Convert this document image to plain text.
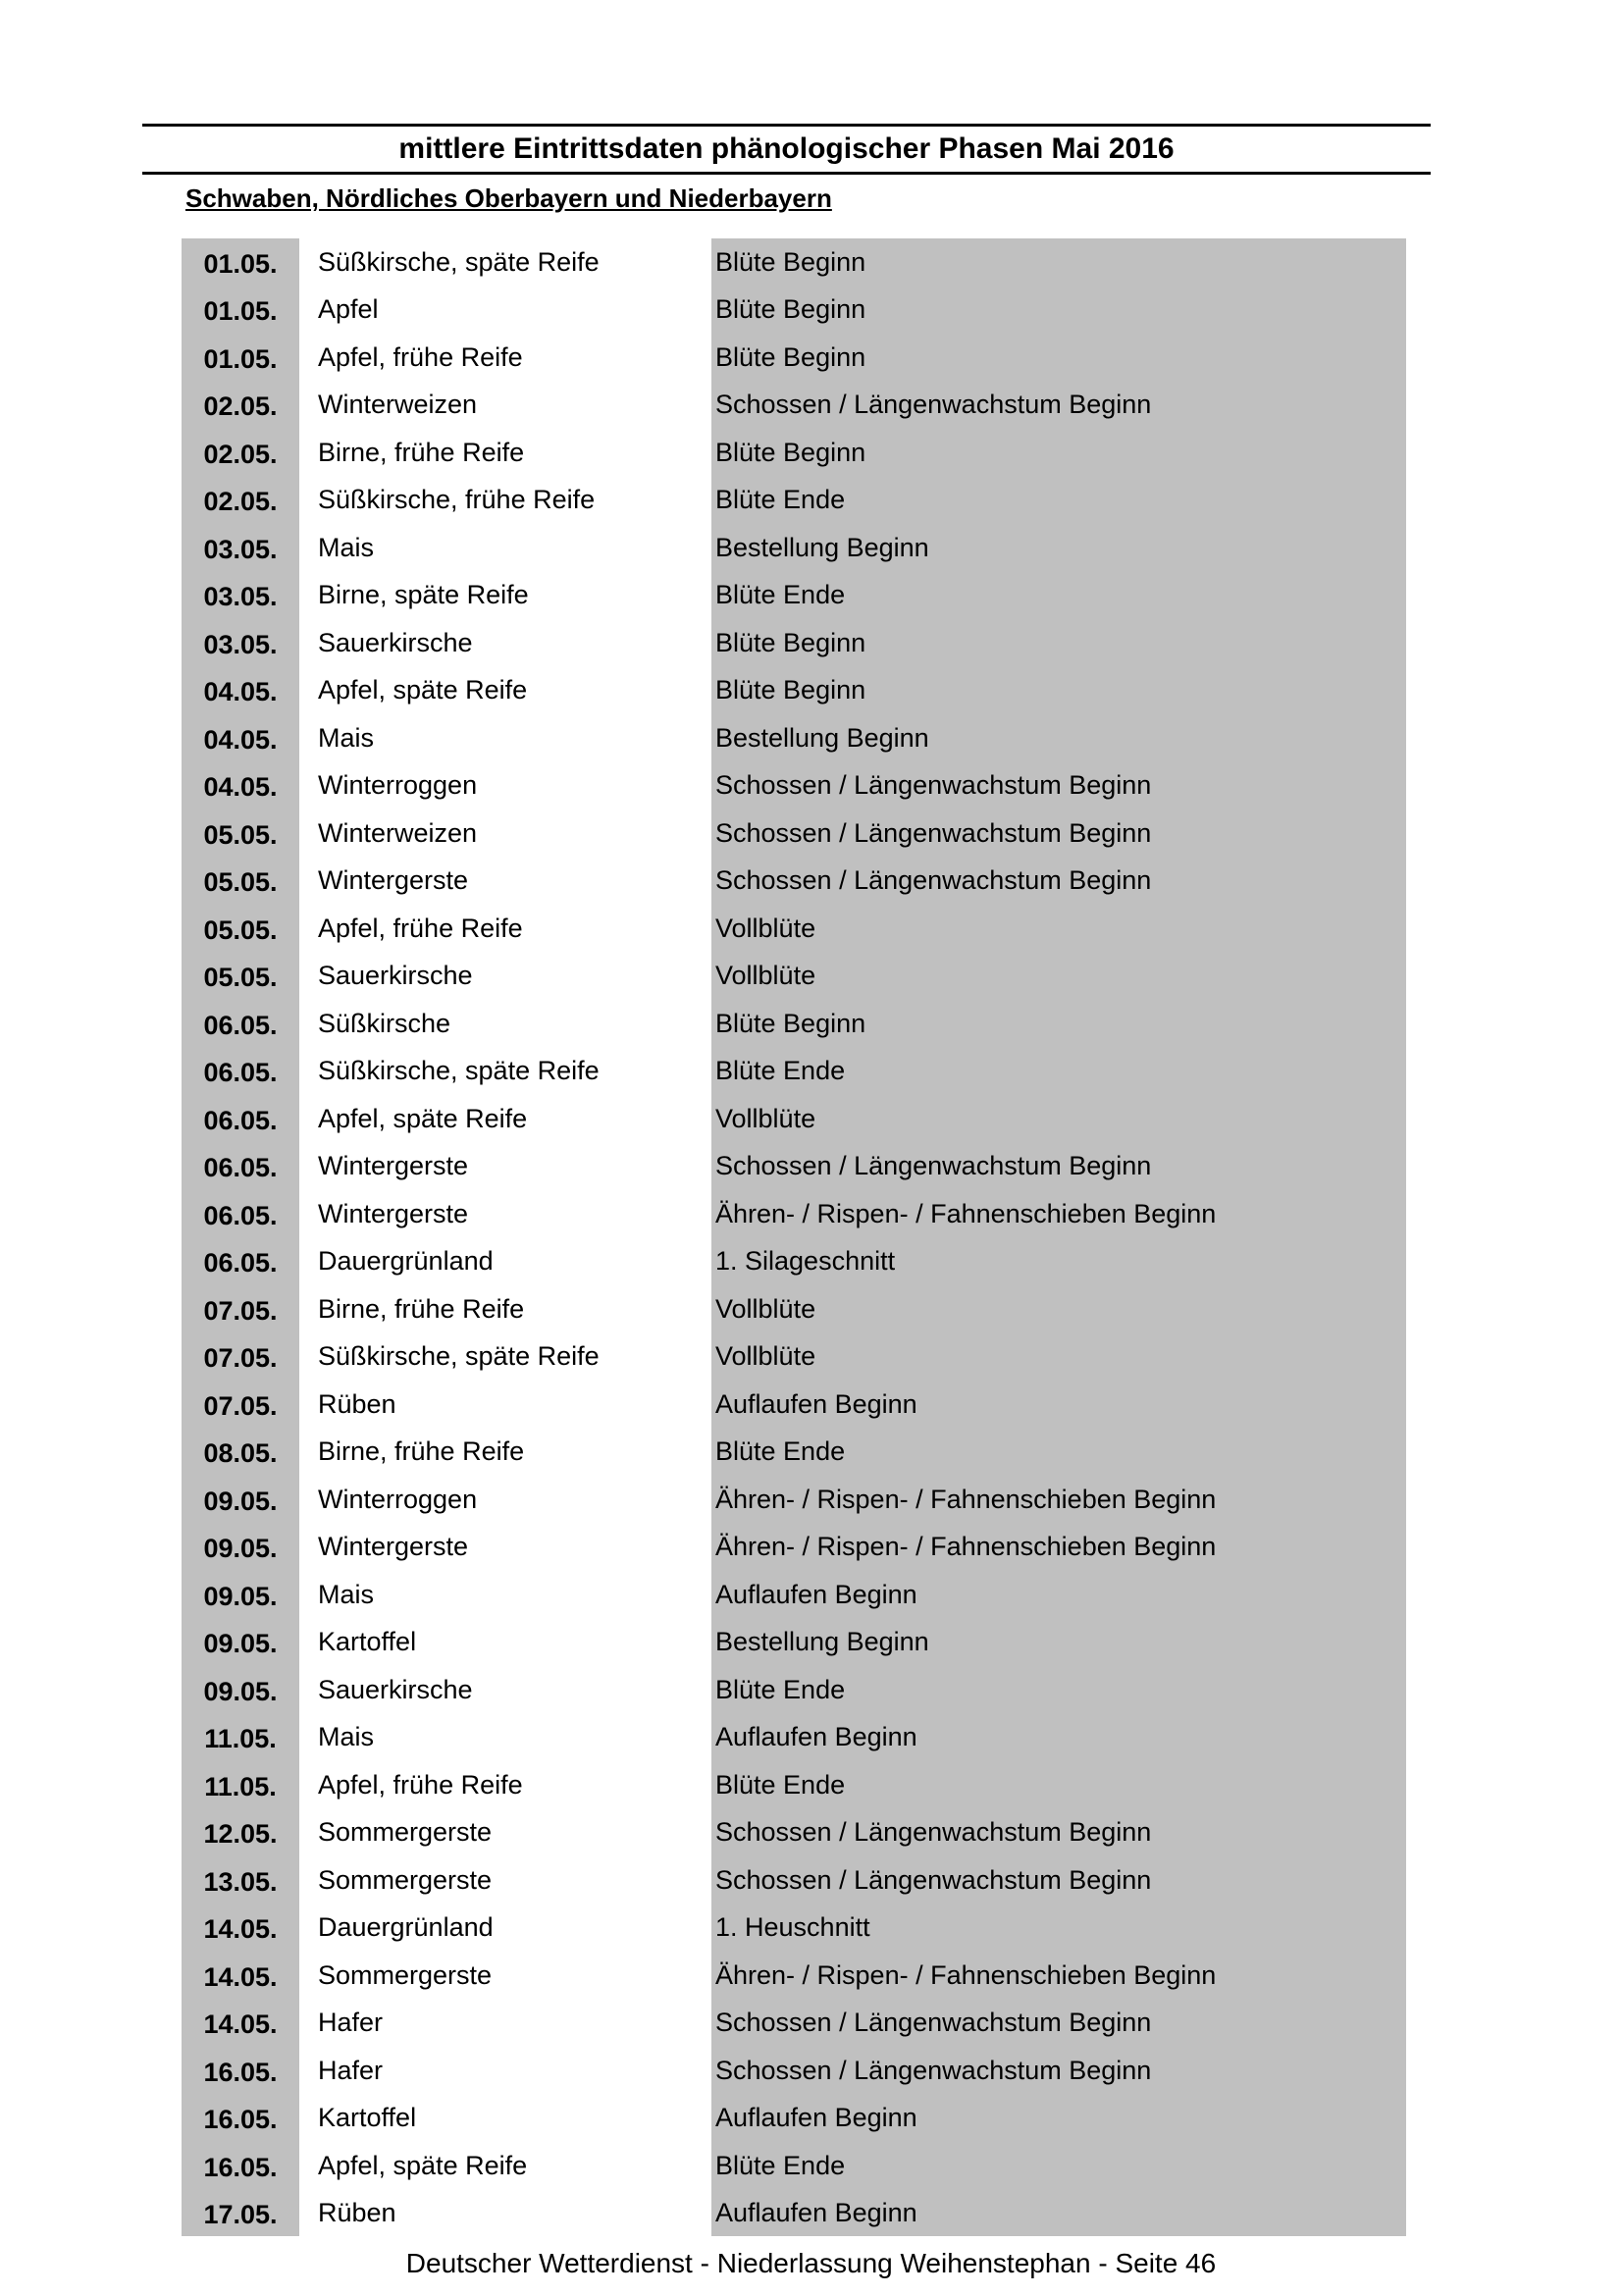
mittlere Eintrittsdaten phänologischer Phasen Mai 2016
Schwaben, Nördliches Oberbayern und Niederbayern
01.05.	Süßkirsche, späte Reife	Blüte Beginn
01.05.	Apfel	Blüte Beginn
01.05.	Apfel, frühe Reife	Blüte Beginn
02.05.	Winterweizen	Schossen / Längenwachstum Beginn
02.05.	Birne, frühe Reife	Blüte Beginn
02.05.	Süßkirsche, frühe Reife	Blüte Ende
03.05.	Mais	Bestellung Beginn
03.05.	Birne, späte Reife	Blüte Ende
03.05.	Sauerkirsche	Blüte Beginn
04.05.	Apfel, späte Reife	Blüte Beginn
04.05.	Mais	Bestellung Beginn
04.05.	Winterroggen	Schossen / Längenwachstum Beginn
05.05.	Winterweizen	Schossen / Längenwachstum Beginn
05.05.	Wintergerste	Schossen / Längenwachstum Beginn
05.05.	Apfel, frühe Reife	Vollblüte
05.05.	Sauerkirsche	Vollblüte
06.05.	Süßkirsche	Blüte Beginn
06.05.	Süßkirsche, späte Reife	Blüte Ende
06.05.	Apfel, späte Reife	Vollblüte
06.05.	Wintergerste	Schossen / Längenwachstum Beginn
06.05.	Wintergerste	Ähren- / Rispen- / Fahnenschieben Beginn
06.05.	Dauergrünland	1. Silageschnitt
07.05.	Birne, frühe Reife	Vollblüte
07.05.	Süßkirsche, späte Reife	Vollblüte
07.05.	Rüben	Auflaufen Beginn
08.05.	Birne, frühe Reife	Blüte Ende
09.05.	Winterroggen	Ähren- / Rispen- / Fahnenschieben Beginn
09.05.	Wintergerste	Ähren- / Rispen- / Fahnenschieben Beginn
09.05.	Mais	Auflaufen Beginn
09.05.	Kartoffel	Bestellung Beginn
09.05.	Sauerkirsche	Blüte Ende
11.05.	Mais	Auflaufen Beginn
11.05.	Apfel, frühe Reife	Blüte Ende
12.05.	Sommergerste	Schossen / Längenwachstum Beginn
13.05.	Sommergerste	Schossen / Längenwachstum Beginn
14.05.	Dauergrünland	1. Heuschnitt
14.05.	Sommergerste	Ähren- / Rispen- / Fahnenschieben Beginn
14.05.	Hafer	Schossen / Längenwachstum Beginn
16.05.	Hafer	Schossen / Längenwachstum Beginn
16.05.	Kartoffel	Auflaufen Beginn
16.05.	Apfel, späte Reife	Blüte Ende
17.05.	Rüben	Auflaufen Beginn
Deutscher Wetterdienst - Niederlassung Weihenstephan - Seite 46
